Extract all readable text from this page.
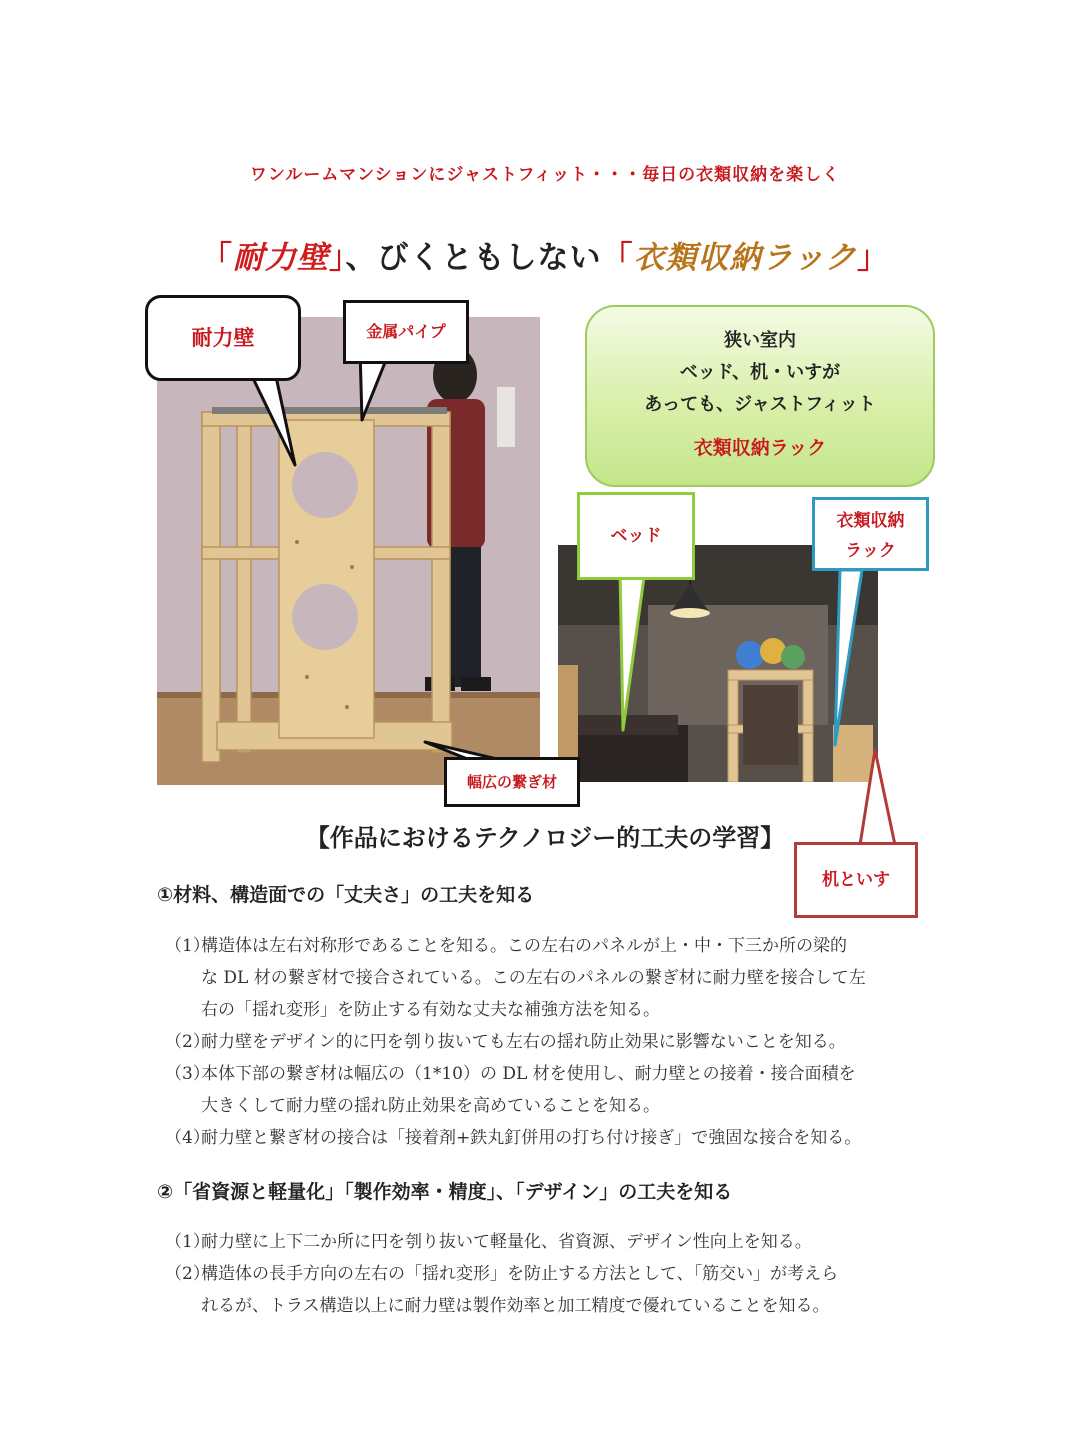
ワンルームマンションにジャストフィット・・・毎日の衣類収納を楽しく
「耐力壁」、びくともしない「衣類収納ラック」
耐力壁	金属パイプ
幅広の繋ぎ材
狭い室内
ベッド、机・いすが
あっても、ジャストフィット
衣類収納ラック
ベッド
衣類収納
ラック
机といす
【作品におけるテクノロジー的工夫の学習】
①材料、構造面での「丈夫さ」の工夫を知る
（1）構造体は左右対称形であることを知る。この左右のパネルが上・中・下三か所の梁的
な DL 材の繋ぎ材で接合されている。この左右のパネルの繋ぎ材に耐力壁を接合して左
右の「揺れ変形」を防止する有効な丈夫な補強方法を知る。
（2）耐力壁をデザイン的に円を刳り抜いても左右の揺れ防止効果に影響ないことを知る。
（3）本体下部の繋ぎ材は幅広の（1*10）の DL 材を使用し、耐力壁との接着・接合面積を
大きくして耐力壁の揺れ防止効果を高めていることを知る。
（4）耐力壁と繋ぎ材の接合は「接着剤+鉄丸釘併用の打ち付け接ぎ」で強固な接合を知る。
②「省資源と軽量化」「製作効率・精度」、「デザイン」の工夫を知る
（1）耐力壁に上下二か所に円を刳り抜いて軽量化、省資源、デザイン性向上を知る。
（2）構造体の長手方向の左右の「揺れ変形」を防止する方法として、「筋交い」が考えら
れるが、トラス構造以上に耐力壁は製作効率と加工精度で優れていることを知る。
